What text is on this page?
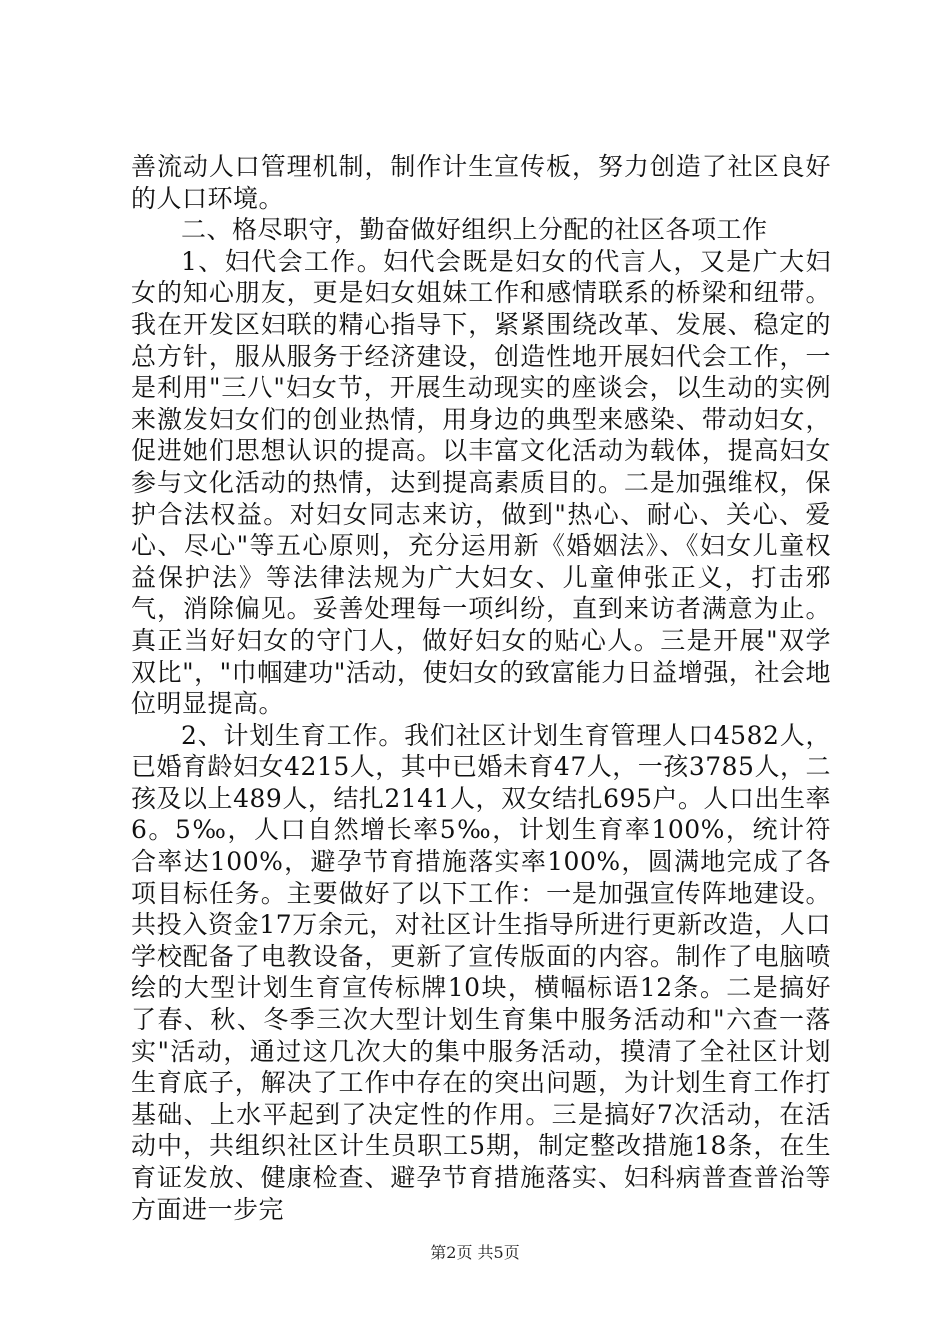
善流动人口管理机制，制作计生宣传板，努力创造了社区良好的人口环境。

二、格尽职守，勤奋做好组织上分配的社区各项工作

1、妇代会工作。妇代会既是妇女的代言人，又是广大妇女的知心朋友，更是妇女姐妹工作和感情联系的桥梁和纽带。我在开发区妇联的精心指导下，紧紧围绕改革、发展、稳定的总方针，服从服务于经济建设，创造性地开展妇代会工作，一是利用"三八"妇女节，开展生动现实的座谈会，以生动的实例来激发妇女们的创业热情，用身边的典型来感染、带动妇女，促进她们思想认识的提高。以丰富文化活动为载体，提高妇女参与文化活动的热情，达到提高素质目的。二是加强维权，保护合法权益。对妇女同志来访，做到"热心、耐心、关心、爱心、尽心"等五心原则，充分运用新《婚姻法》、《妇女儿童权益保护法》等法律法规为广大妇女、儿童伸张正义，打击邪气，消除偏见。妥善处理每一项纠纷，直到来访者满意为止。真正当好妇女的守门人，做好妇女的贴心人。三是开展"双学双比"，"巾帼建功"活动，使妇女的致富能力日益增强，社会地位明显提高。

2、计划生育工作。我们社区计划生育管理人口4582人，已婚育龄妇女4215人，其中已婚未育47人，一孩3785人，二孩及以上489人，结扎2141人，双女结扎695户。人口出生率6。5‰，人口自然增长率5‰，计划生育率100%，统计符合率达100%，避孕节育措施落实率100%，圆满地完成了各项目标任务。主要做好了以下工作：一是加强宣传阵地建设。共投入资金17万余元，对社区计生指导所进行更新改造，人口学校配备了电教设备，更新了宣传版面的内容。制作了电脑喷绘的大型计划生育宣传标牌10块，横幅标语12条。二是搞好了春、秋、冬季三次大型计划生育集中服务活动和"六查一落实"活动，通过这几次大的集中服务活动，摸清了全社区计划生育底子，解决了工作中存在的突出问题，为计划生育工作打基础、上水平起到了决定性的作用。三是搞好7次活动，在活动中，共组织社区计生员职工5期，制定整改措施18条，在生育证发放、健康检查、避孕节育措施落实、妇科病普查普治等方面进一步完

第2页 共5页
